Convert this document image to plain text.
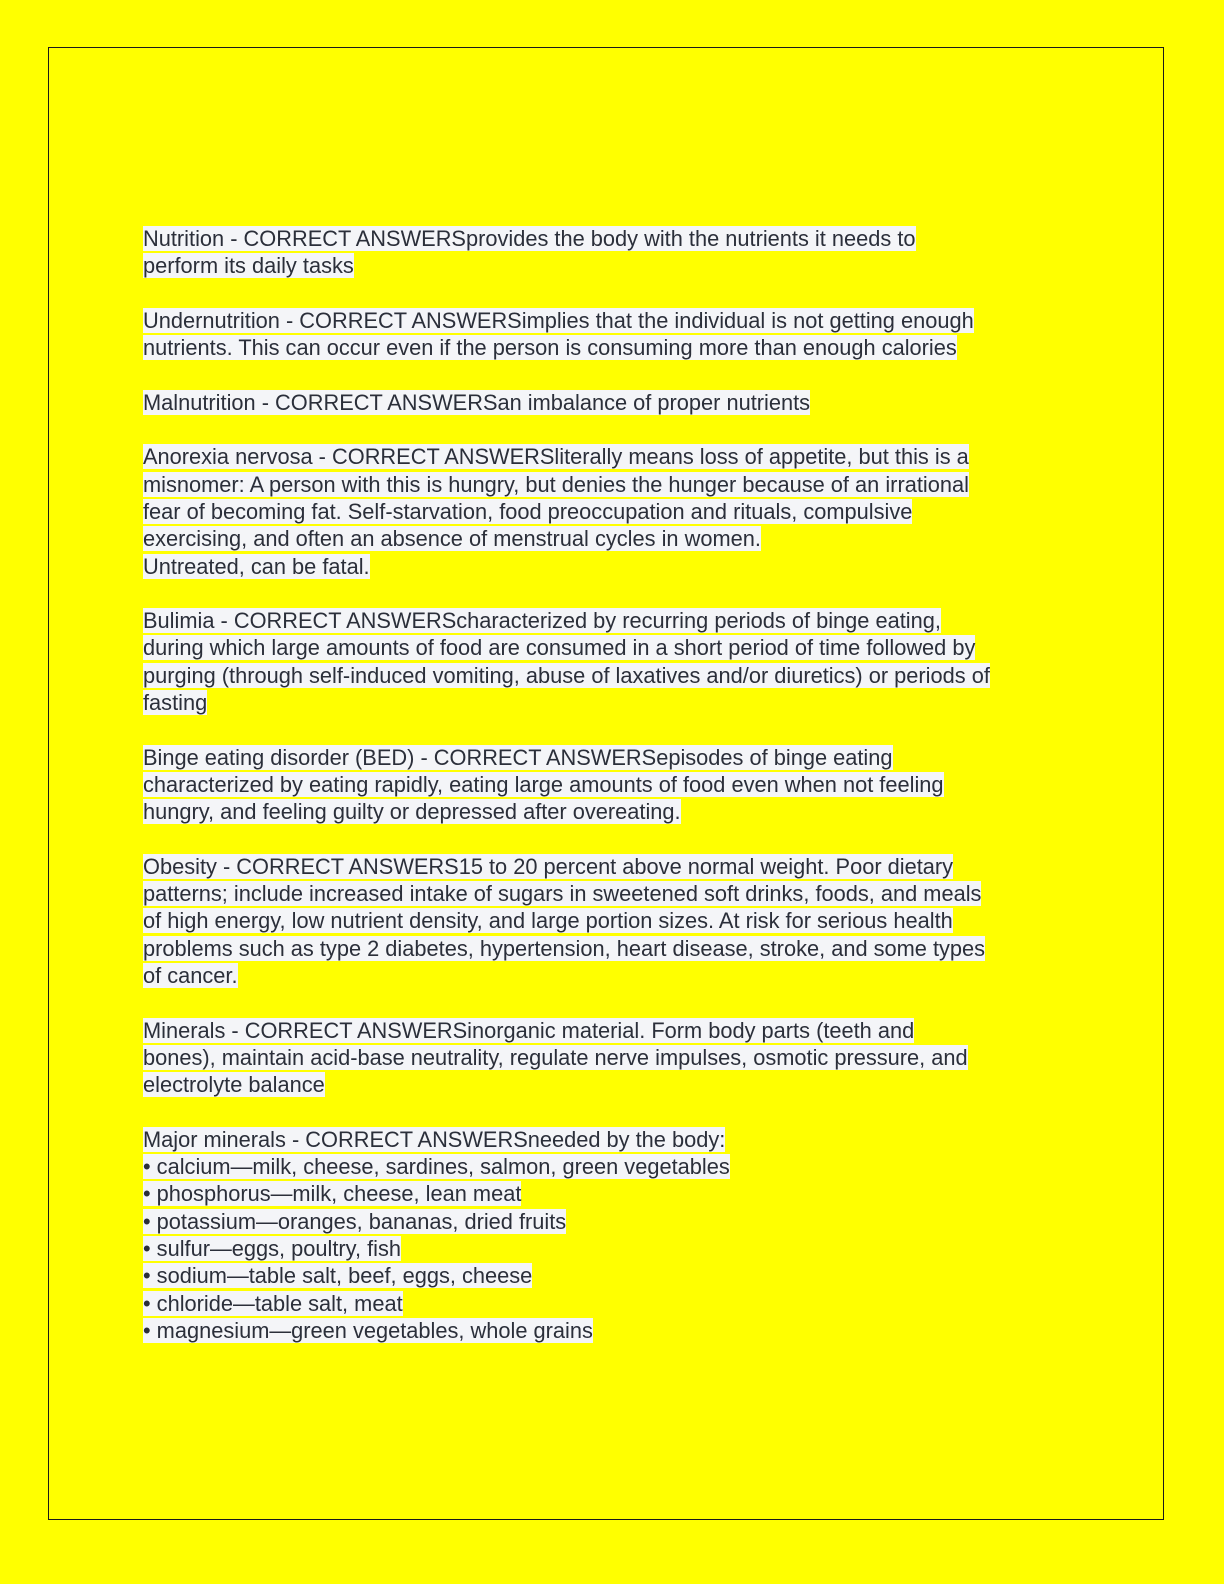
Nutrition - CORRECT ANSWERSprovides the body with the nutrients it needs to
perform its daily tasks
Undernutrition - CORRECT ANSWERSimplies that the individual is not getting enough
nutrients. This can occur even if the person is consuming more than enough calories
Malnutrition - CORRECT ANSWERSan imbalance of proper nutrients
Anorexia nervosa - CORRECT ANSWERSliterally means loss of appetite, but this is a
misnomer: A person with this is hungry, but denies the hunger because of an irrational
fear of becoming fat. Self-starvation, food preoccupation and rituals, compulsive
exercising, and often an absence of menstrual cycles in women.
Untreated, can be fatal.
Bulimia - CORRECT ANSWERScharacterized by recurring periods of binge eating,
during which large amounts of food are consumed in a short period of time followed by
purging (through self-induced vomiting, abuse of laxatives and/or diuretics) or periods of
fasting
Binge eating disorder (BED) - CORRECT ANSWERSepisodes of binge eating
characterized by eating rapidly, eating large amounts of food even when not feeling
hungry, and feeling guilty or depressed after overeating.
Obesity - CORRECT ANSWERS15 to 20 percent above normal weight. Poor dietary
patterns; include increased intake of sugars in sweetened soft drinks, foods, and meals
of high energy, low nutrient density, and large portion sizes. At risk for serious health
problems such as type 2 diabetes, hypertension, heart disease, stroke, and some types
of cancer.
Minerals - CORRECT ANSWERSinorganic material. Form body parts (teeth and
bones), maintain acid-base neutrality, regulate nerve impulses, osmotic pressure, and
electrolyte balance
Major minerals - CORRECT ANSWERSneeded by the body:
• calcium—milk, cheese, sardines, salmon, green vegetables
• phosphorus—milk, cheese, lean meat
• potassium—oranges, bananas, dried fruits
• sulfur—eggs, poultry, fish
• sodium—table salt, beef, eggs, cheese
• chloride—table salt, meat
• magnesium—green vegetables, whole grains
